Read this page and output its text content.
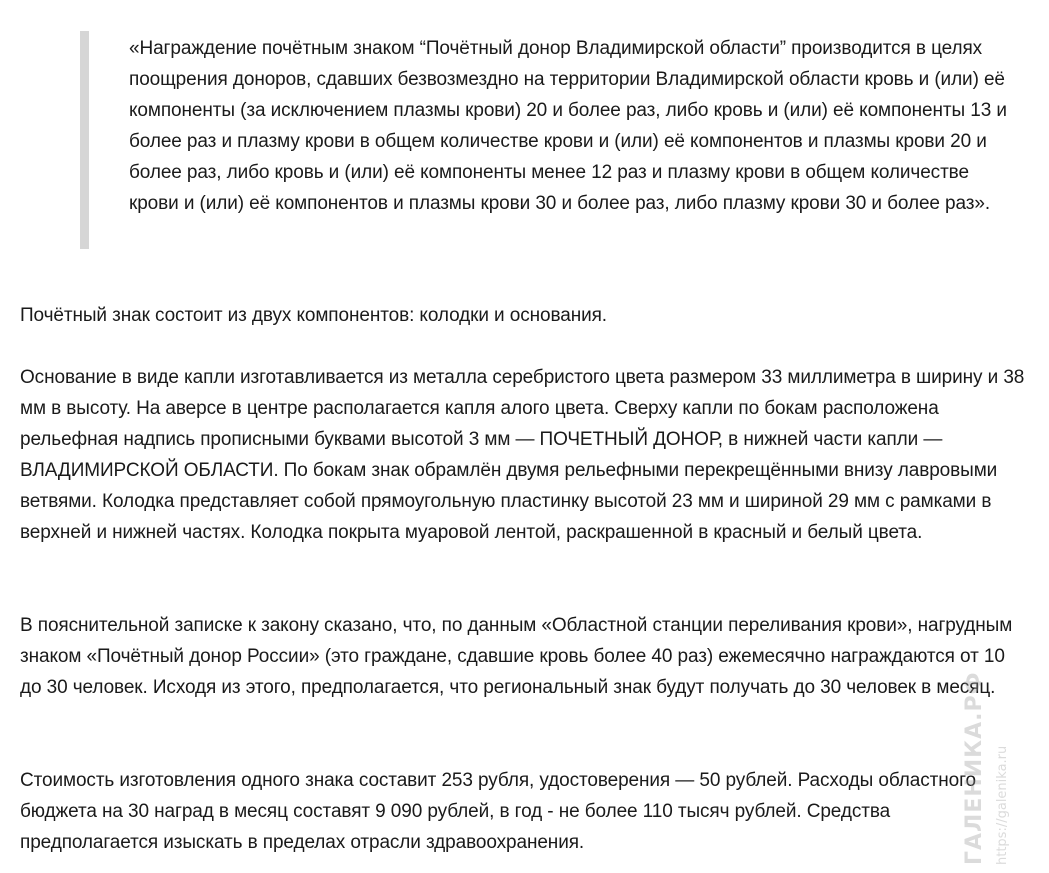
«Награждение почётным знаком “Почётный донор Владимирской области” производится в целях поощрения доноров, сдавших безвозмездно на территории Владимирской области кровь и (или) её компоненты (за исключением плазмы крови) 20 и более раз, либо кровь и (или) её компоненты 13 и более раз и плазму крови в общем количестве крови и (или) её компонентов и плазмы крови 20 и более раз, либо кровь и (или) её компоненты менее 12 раз и плазму крови в общем количестве крови и (или) её компонентов и плазмы крови 30 и более раз, либо плазму крови 30 и более раз».

Почётный знак состоит из двух компонентов: колодки и основания.

Основание в виде капли изготавливается из металла серебристого цвета размером 33 миллиметра в ширину и 38 мм в высоту. На аверсе в центре располагается капля алого цвета. Сверху капли по бокам расположена рельефная надпись прописными буквами высотой 3 мм — ПОЧЕТНЫЙ ДОНОР, в нижней части капли — ВЛАДИМИРСКОЙ ОБЛАСТИ. По бокам знак обрамлён двумя рельефными перекрещёнными внизу лавровыми ветвями. Колодка представляет собой прямоугольную пластинку высотой 23 мм и шириной 29 мм с рамками в верхней и нижней частях. Колодка покрыта муаровой лентой, раскрашенной в красный и белый цвета.

В пояснительной записке к закону сказано, что, по данным «Областной станции переливания крови», нагрудным знаком «Почётный донор России» (это граждане, сдавшие кровь более 40 раз) ежемесячно награждаются от 10 до 30 человек. Исходя из этого, предполагается, что региональный знак будут получать до 30 человек в месяц.

Стоимость изготовления одного знака составит 253 рубля, удостоверения — 50 рублей. Расходы областного бюджета на 30 наград в месяц составят 9 090 рублей, в год - не более 110 тысяч рублей. Средства предполагается изыскать в пределах отрасли здравоохранения.	ГАЛЕНИКА.РФ https://galenika.ru
